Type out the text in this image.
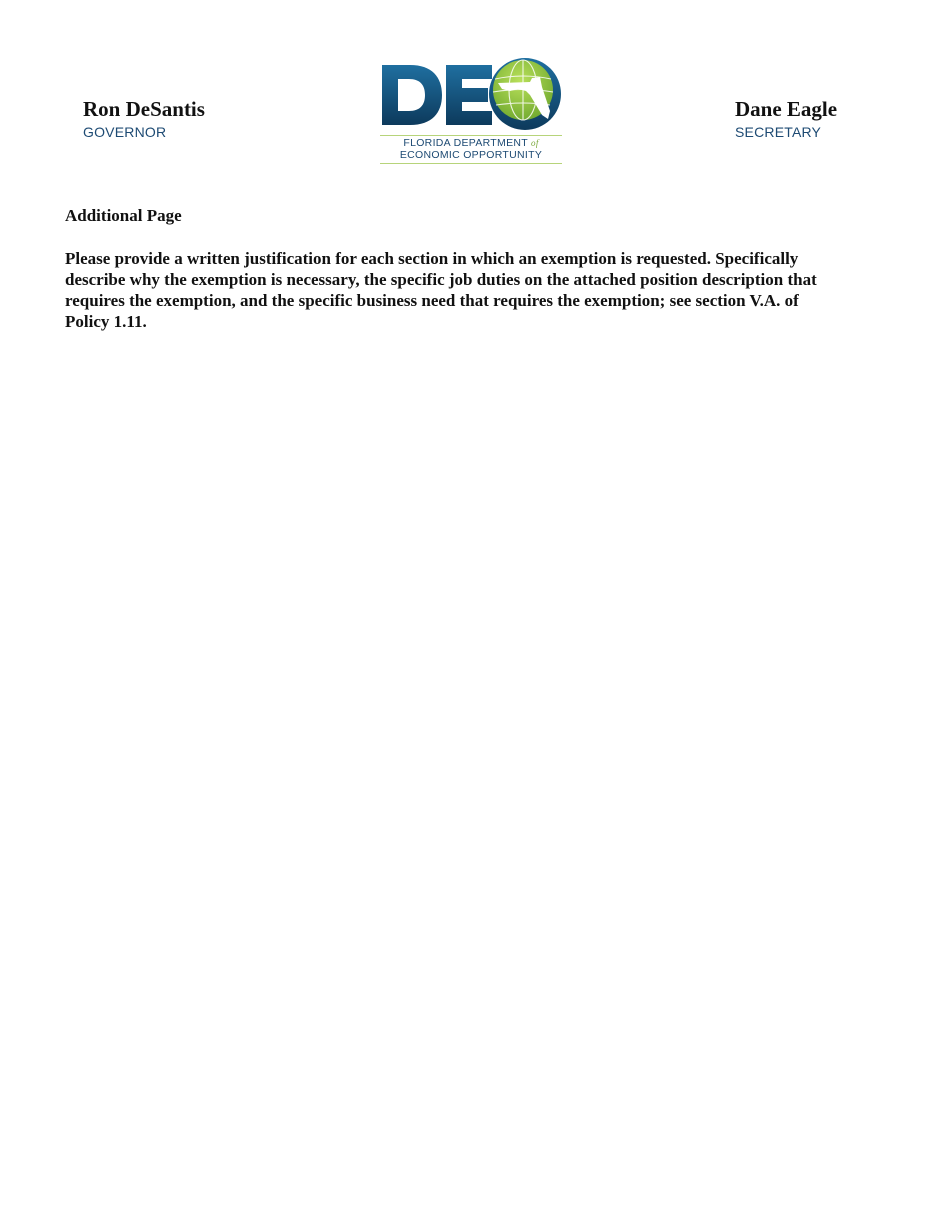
Ron DeSantis
GOVERNOR
FLORIDA DEPARTMENT of
ECONOMIC OPPORTUNITY
Dane Eagle
SECRETARY
Additional Page
Please provide a written justification for each section in which an exemption is requested. Specifically describe why the exemption is necessary, the specific job duties on the attached position description that requires the exemption, and the specific business need that requires the exemption; see section V.A. of Policy 1.11.
